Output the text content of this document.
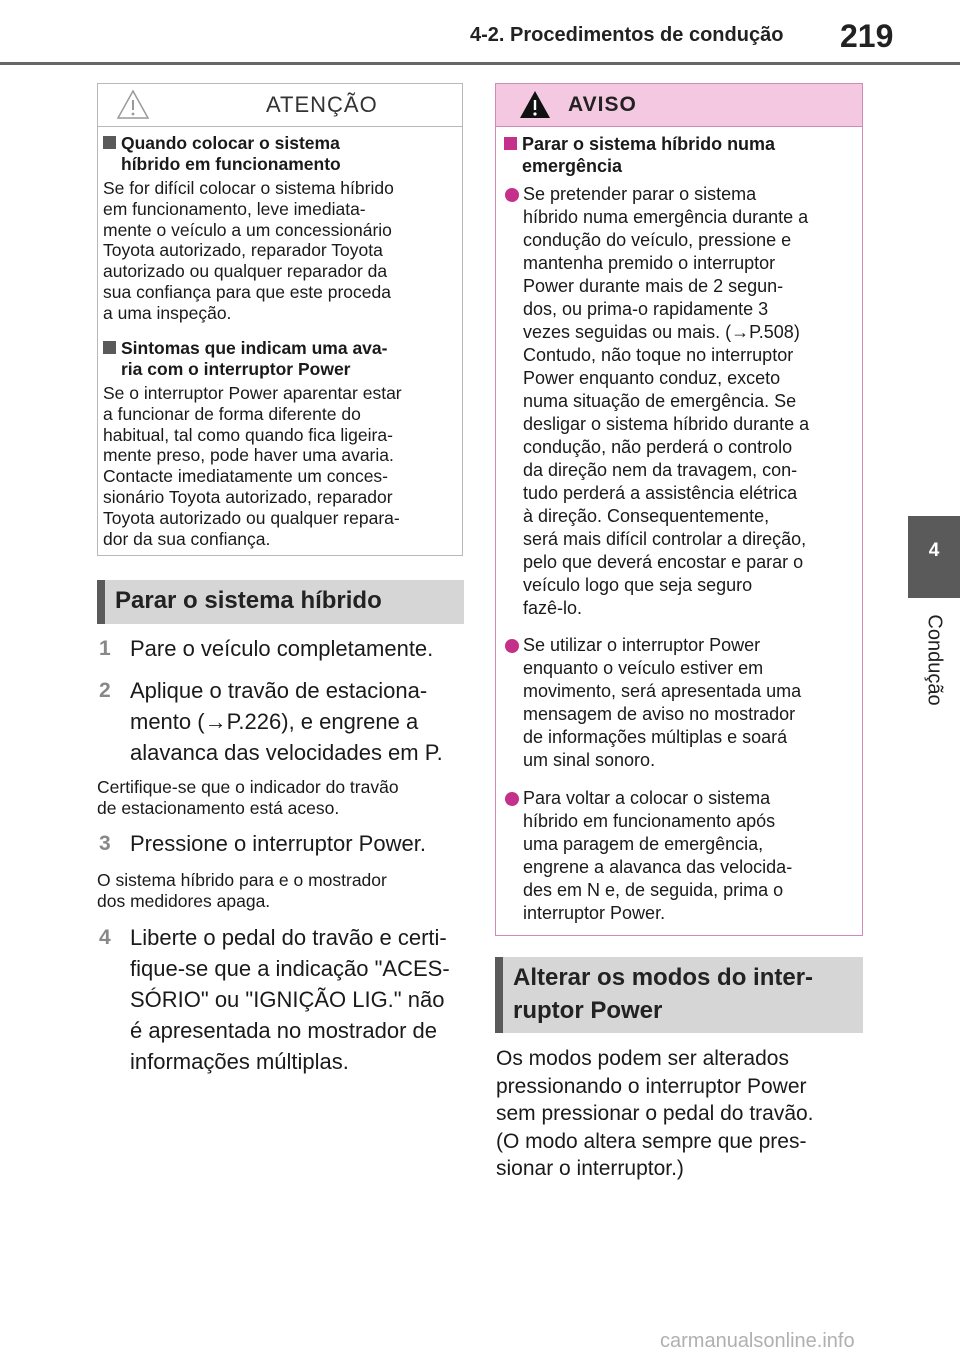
4-2. Procedimentos de condução 219
4
Condução
ATENÇÃO
Quando colocar o sistema
híbrido em funcionamento
Se for difícil colocar o sistema híbrido
em funcionamento, leve imediata-
mente o veículo a um concessionário
Toyota autorizado, reparador Toyota
autorizado ou qualquer reparador da
sua confiança para que este proceda
a uma inspeção.
Sintomas que indicam uma ava-
ria com o interruptor Power
Se o interruptor Power aparentar estar
a funcionar de forma diferente do
habitual, tal como quando fica ligeira-
mente preso, pode haver uma avaria.
Contacte imediatamente um conces-
sionário Toyota autorizado, reparador
Toyota autorizado ou qualquer repara-
dor da sua confiança.
Parar o sistema híbrido
1 Pare o veículo completamente.
2 Aplique o travão de estaciona-
mento (→P.226), e engrene a
alavanca das velocidades em P.
Certifique-se que o indicador do travão
de estacionamento está aceso.
3 Pressione o interruptor Power.
O sistema híbrido para e o mostrador
dos medidores apaga.
4 Liberte o pedal do travão e certi-
fique-se que a indicação "ACES-
SÓRIO" ou "IGNIÇÃO LIG." não
é apresentada no mostrador de
informações múltiplas.
AVISO
Parar o sistema híbrido numa
emergência
Se pretender parar o sistema
híbrido numa emergência durante a
condução do veículo, pressione e
mantenha premido o interruptor
Power durante mais de 2 segun-
dos, ou prima-o rapidamente 3
vezes seguidas ou mais. (→P.508)
Contudo, não toque no interruptor
Power enquanto conduz, exceto
numa situação de emergência. Se
desligar o sistema híbrido durante a
condução, não perderá o controlo
da direção nem da travagem, con-
tudo perderá a assistência elétrica
à direção. Consequentemente,
será mais difícil controlar a direção,
pelo que deverá encostar e parar o
veículo logo que seja seguro
fazê-lo.
Se utilizar o interruptor Power
enquanto o veículo estiver em
movimento, será apresentada uma
mensagem de aviso no mostrador
de informações múltiplas e soará
um sinal sonoro.
Para voltar a colocar o sistema
híbrido em funcionamento após
uma paragem de emergência,
engrene a alavanca das velocida-
des em N e, de seguida, prima o
interruptor Power.
Alterar os modos do inter-
ruptor Power
Os modos podem ser alterados
pressionando o interruptor Power
sem pressionar o pedal do travão.
(O modo altera sempre que pres-
sionar o interruptor.)
carmanualsonline.info
